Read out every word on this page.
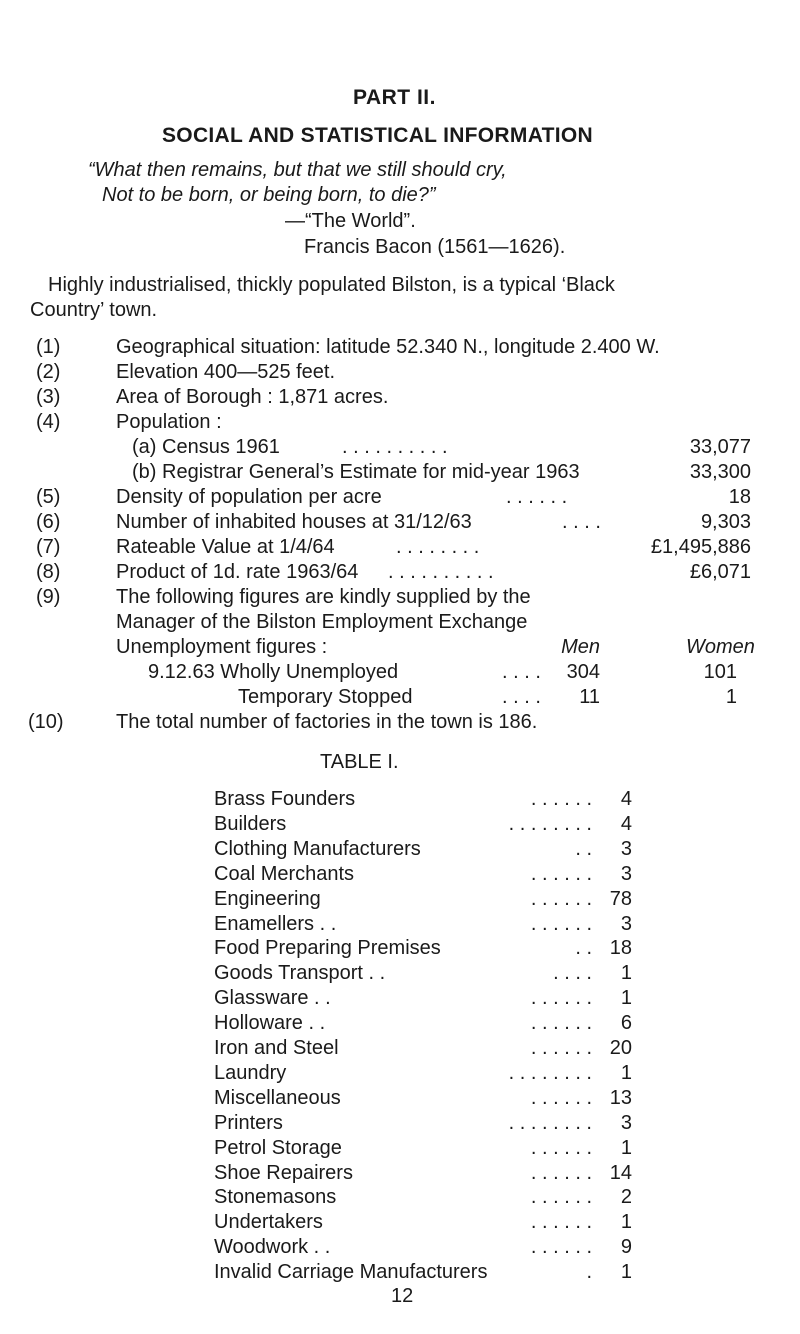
PART II.
SOCIAL AND STATISTICAL INFORMATION
“What then remains, but that we still should cry,
Not to be born, or being born, to die?”
—“The World”.
Francis Bacon (1561—1626).
Highly industrialised, thickly populated Bilston, is a typical ‘Black
Country’ town.
(1)	Geographical situation: latitude 52.340 N., longitude 2.400 W.
(2)	Elevation 400—525 feet.
(3)	Area of Borough : 1,871 acres.
(4)	Population :
(a) Census 1961	. . . . . . . . . .	33,077
(b) Registrar General’s Estimate for mid-year 1963	33,300
(5)	Density of population per acre	. . . . . .	18
(6)	Number of inhabited houses at 31/12/63	. . . .	9,303
(7)	Rateable Value at 1/4/64	. . . . . . . .	£1,495,886
(8)	Product of 1d. rate 1963/64 . . . . . . . . . .	£6,071
(9)	The following figures are kindly supplied by the
Manager of the Bilston Employment Exchange
Unemployment figures :	Men	Women
9.12.63 Wholly Unemployed	. . . . 304	101
Temporary Stopped	. . . . 11	1
(10)	The total number of factories in the town is 186.
TABLE I.
Brass Founders	. . . . . .	4
Builders	. . . . . . . .	4
Clothing Manufacturers	. .	3
Coal Merchants	. . . . . .	3
Engineering	. . . . . . 78
Enamellers . .	. . . . . .	3
Food Preparing Premises	. . 18
Goods Transport . .	. . . .	1
Glassware . .	. . . . . .	1
Holloware . .	. . . . . .	6
Iron and Steel	. . . . . . 20
Laundry	. . . . . . . .	1
Miscellaneous	. . . . . . 13
Printers	. . . . . . . .	3
Petrol Storage	. . . . . .	1
Shoe Repairers	. . . . . . 14
Stonemasons	. . . . . .	2
Undertakers	. . . . . .	1
Woodwork . .	. . . . . .	9
Invalid Carriage Manufacturers	.	1
12
